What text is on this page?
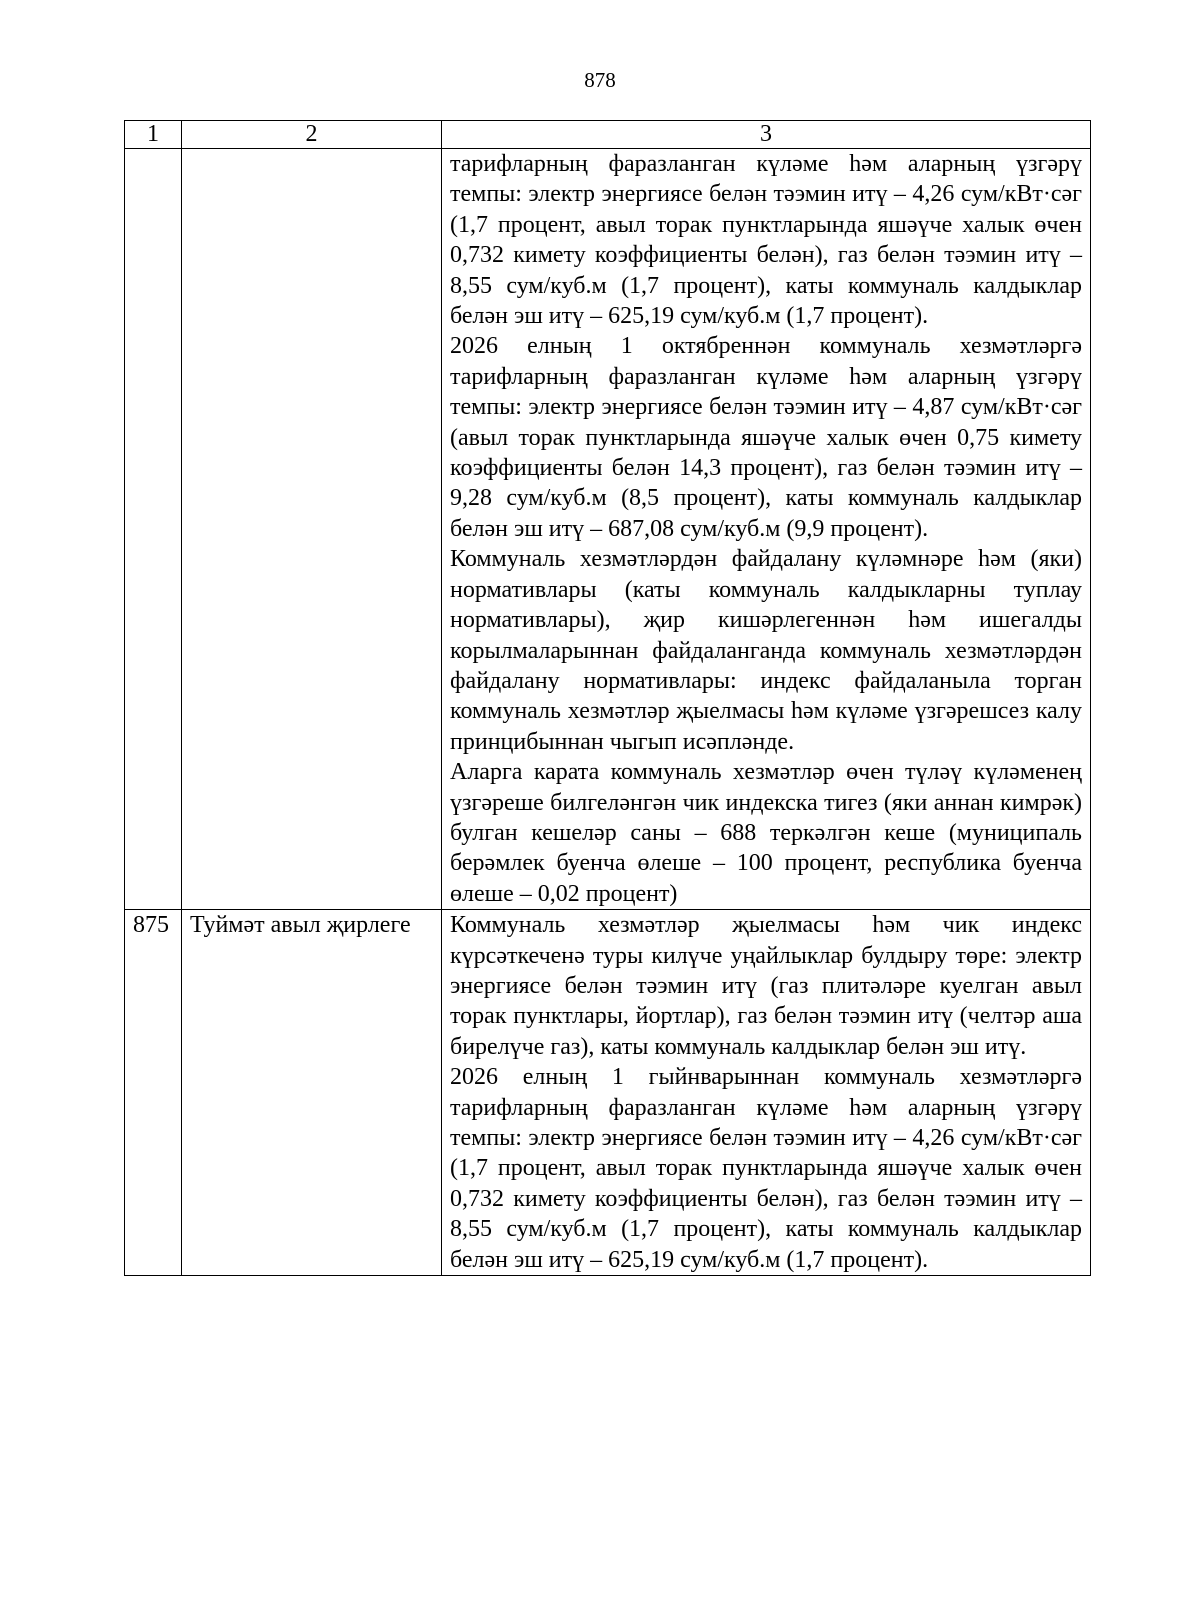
878
1	2	3

		тарифларның фаразланган күләме һәм аларның үзгәрү темпы: электр энергиясе белән тәэмин итү – 4,26 сум/кВт·сәг (1,7 процент, авыл торак пунктларында яшәүче халык өчен 0,732 кимету коэффициенты белән), газ белән тәэмин итү – 8,55 сум/куб.м (1,7 процент), каты коммуналь калдыклар белән эш итү – 625,19 сум/куб.м (1,7 процент).

2026 елның 1 октябреннән коммуналь хезмәтләргә тарифларның фаразланган күләме һәм аларның үзгәрү темпы: электр энергиясе белән тәэмин итү – 4,87 сум/кВт·сәг (авыл торак пунктларында яшәүче халык өчен 0,75 кимету коэффициенты белән 14,3 процент), газ белән тәэмин итү – 9,28 сум/куб.м (8,5 процент), каты коммуналь калдыклар белән эш итү – 687,08 сум/куб.м (9,9 процент).

Коммуналь хезмәтләрдән файдалану күләмнәре һәм (яки) нормативлары (каты коммуналь калдыкларны туплау нормативлары), җир кишәрлегеннән һәм ишегалды корылмаларыннан файдаланганда коммуналь хезмәтләрдән файдалану нормативлары: индекс файдаланыла торган коммуналь хезмәтләр җыелмасы һәм күләме үзгәрешсез калу принцибыннан чыгып исәпләнде.

Аларга карата коммуналь хезмәтләр өчен түләү күләменең үзгәреше билгеләнгән чик индекска тигез (яки аннан кимрәк) булган кешеләр саны – 688 теркәлгән кеше (муниципаль берәмлек буенча өлеше – 100 процент, республика буенча өлеше – 0,02 процент)

875	Туймәт авыл җирлеге	Коммуналь хезмәтләр җыелмасы һәм чик индекс күрсәткеченә туры килүче уңайлыклар булдыру төре: электр энергиясе белән тәэмин итү (газ плитәләре куелган авыл торак пунктлары, йортлар), газ белән тәэмин итү (челтәр аша бирелүче газ), каты коммуналь калдыклар белән эш итү.

2026 елның 1 гыйнварыннан коммуналь хезмәтләргә тарифларның фаразланган күләме һәм аларның үзгәрү темпы: электр энергиясе белән тәэмин итү – 4,26 сум/кВт·сәг (1,7 процент, авыл торак пунктларында яшәүче халык өчен 0,732 кимету коэффициенты белән), газ белән тәэмин итү – 8,55 сум/куб.м (1,7 процент), каты коммуналь калдыклар белән эш итү – 625,19 сум/куб.м (1,7 процент).
